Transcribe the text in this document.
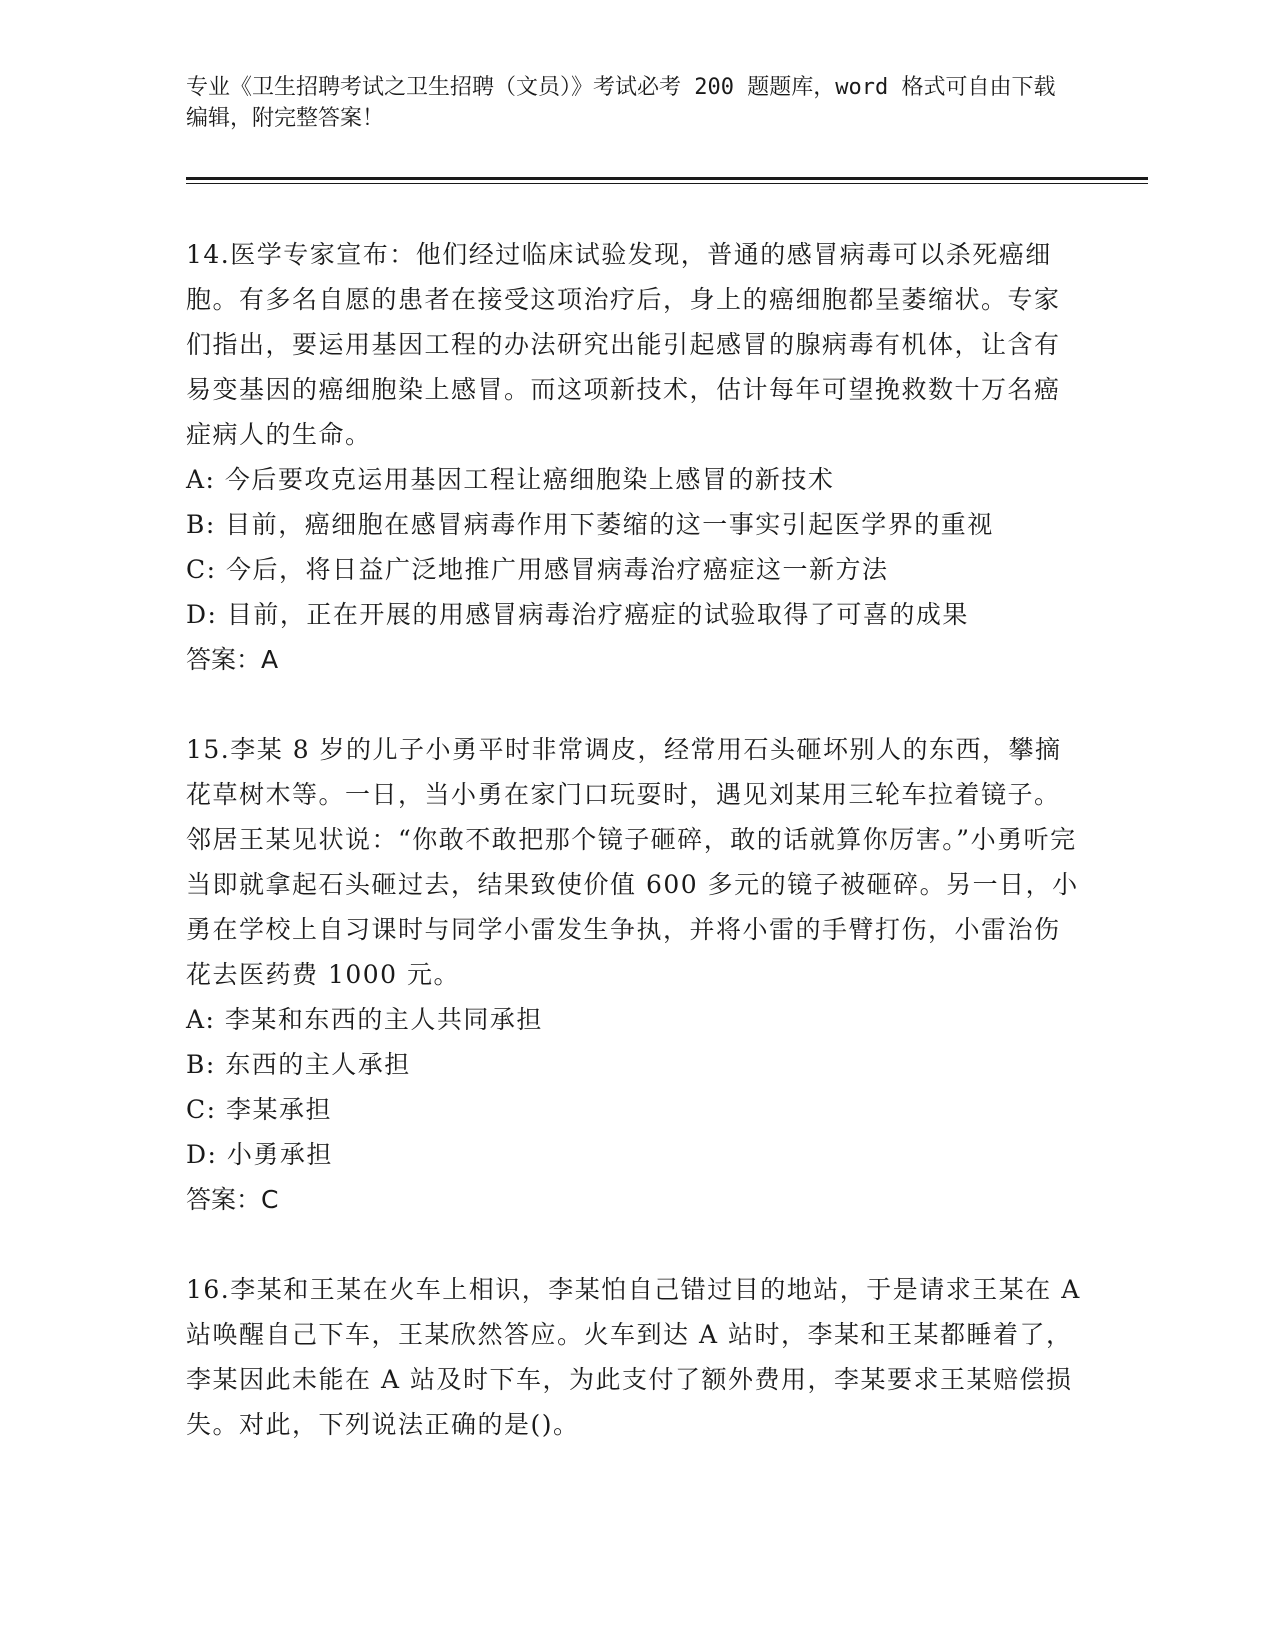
专业《卫生招聘考试之卫生招聘（文员）》考试必考 200 题题库，word 格式可自由下载编辑，附完整答案！

14.医学专家宣布：他们经过临床试验发现，普通的感冒病毒可以杀死癌细胞。有多名自愿的患者在接受这项治疗后，身上的癌细胞都呈萎缩状。专家们指出，要运用基因工程的办法研究出能引起感冒的腺病毒有机体，让含有易变基因的癌细胞染上感冒。而这项新技术，估计每年可望挽救数十万名癌症病人的生命。

A: 今后要攻克运用基因工程让癌细胞染上感冒的新技术

B: 目前，癌细胞在感冒病毒作用下萎缩的这一事实引起医学界的重视

C: 今后，将日益广泛地推广用感冒病毒治疗癌症这一新方法

D: 目前，正在开展的用感冒病毒治疗癌症的试验取得了可喜的成果

答案：A

15.李某 8 岁的儿子小勇平时非常调皮，经常用石头砸坏别人的东西，攀摘花草树木等。一日，当小勇在家门口玩耍时，遇见刘某用三轮车拉着镜子。邻居王某见状说：“你敢不敢把那个镜子砸碎，敢的话就算你厉害。”小勇听完当即就拿起石头砸过去，结果致使价值 600 多元的镜子被砸碎。另一日，小勇在学校上自习课时与同学小雷发生争执，并将小雷的手臂打伤，小雷治伤花去医药费 1000 元。

A: 李某和东西的主人共同承担

B: 东西的主人承担

C: 李某承担

D: 小勇承担

答案：C

16.李某和王某在火车上相识，李某怕自己错过目的地站，于是请求王某在 A 站唤醒自己下车，王某欣然答应。火车到达 A 站时，李某和王某都睡着了，李某因此未能在 A 站及时下车，为此支付了额外费用，李某要求王某赔偿损失。对此，下列说法正确的是()。
